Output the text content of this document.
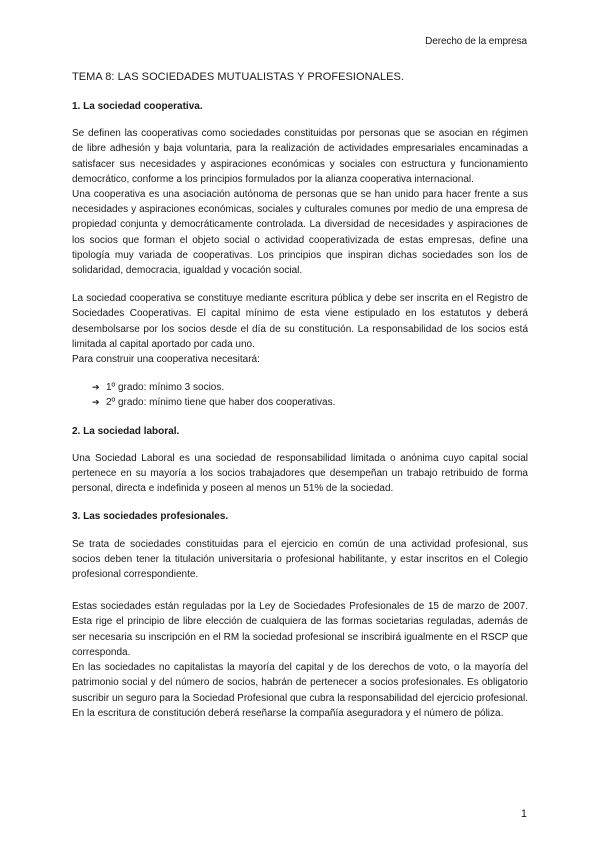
Derecho de la empresa
TEMA 8: LAS SOCIEDADES MUTUALISTAS Y PROFESIONALES.
1. La sociedad cooperativa.

Se definen las cooperativas como sociedades constituidas por personas que se asocian en régimen de libre adhesión y baja voluntaria, para la realización de actividades empresariales encaminadas a satisfacer sus necesidades y aspiraciones económicas y sociales con estructura y funcionamiento democrático, conforme a los principios formulados por la alianza cooperativa internacional.

Una cooperativa es una asociación autónoma de personas que se han unido para hacer frente a sus necesidades y aspiraciones económicas, sociales y culturales comunes por medio de una empresa de propiedad conjunta y democráticamente controlada. La diversidad de necesidades y aspiraciones de los socios que forman el objeto social o actividad cooperativizada de estas empresas, define una tipología muy variada de cooperativas. Los principios que inspiran dichas sociedades son los de solidaridad, democracia, igualdad y vocación social.

La sociedad cooperativa se constituye mediante escritura pública y debe ser inscrita en el Registro de Sociedades Cooperativas. El capital mínimo de esta viene estipulado en los estatutos y deberá desembolsarse por los socios desde el día de su constitución. La responsabilidad de los socios está limitada al capital aportado por cada uno.

Para construir una cooperativa necesitará:

➔ 1º grado: mínimo 3 socios.
➔ 2º grado: mínimo tiene que haber dos cooperativas.
2. La sociedad laboral.

Una Sociedad Laboral es una sociedad de responsabilidad limitada o anónima cuyo capital social pertenece en su mayoría a los socios trabajadores que desempeñan un trabajo retribuido de forma personal, directa e indefinida y poseen al menos un 51% de la sociedad.

3. Las sociedades profesionales.

Se trata de sociedades constituidas para el ejercicio en común de una actividad profesional, sus socios deben tener la titulación universitaria o profesional habilitante, y estar inscritos en el Colegio profesional correspondiente.

Estas sociedades están reguladas por la Ley de Sociedades Profesionales de 15 de marzo de 2007. Esta rige el principio de libre elección de cualquiera de las formas societarias reguladas, además de ser necesaria su inscripción en el RM la sociedad profesional se inscribirá igualmente en el RSCP que corresponda.

En las sociedades no capitalistas la mayoría del capital y de los derechos de voto, o la mayoría del patrimonio social y del número de socios, habrán de pertenecer a socios profesionales. Es obligatorio suscribir un seguro para la Sociedad Profesional que cubra la responsabilidad del ejercicio profesional. En la escritura de constitución deberá reseñarse la compañía aseguradora y el número de póliza.

1
